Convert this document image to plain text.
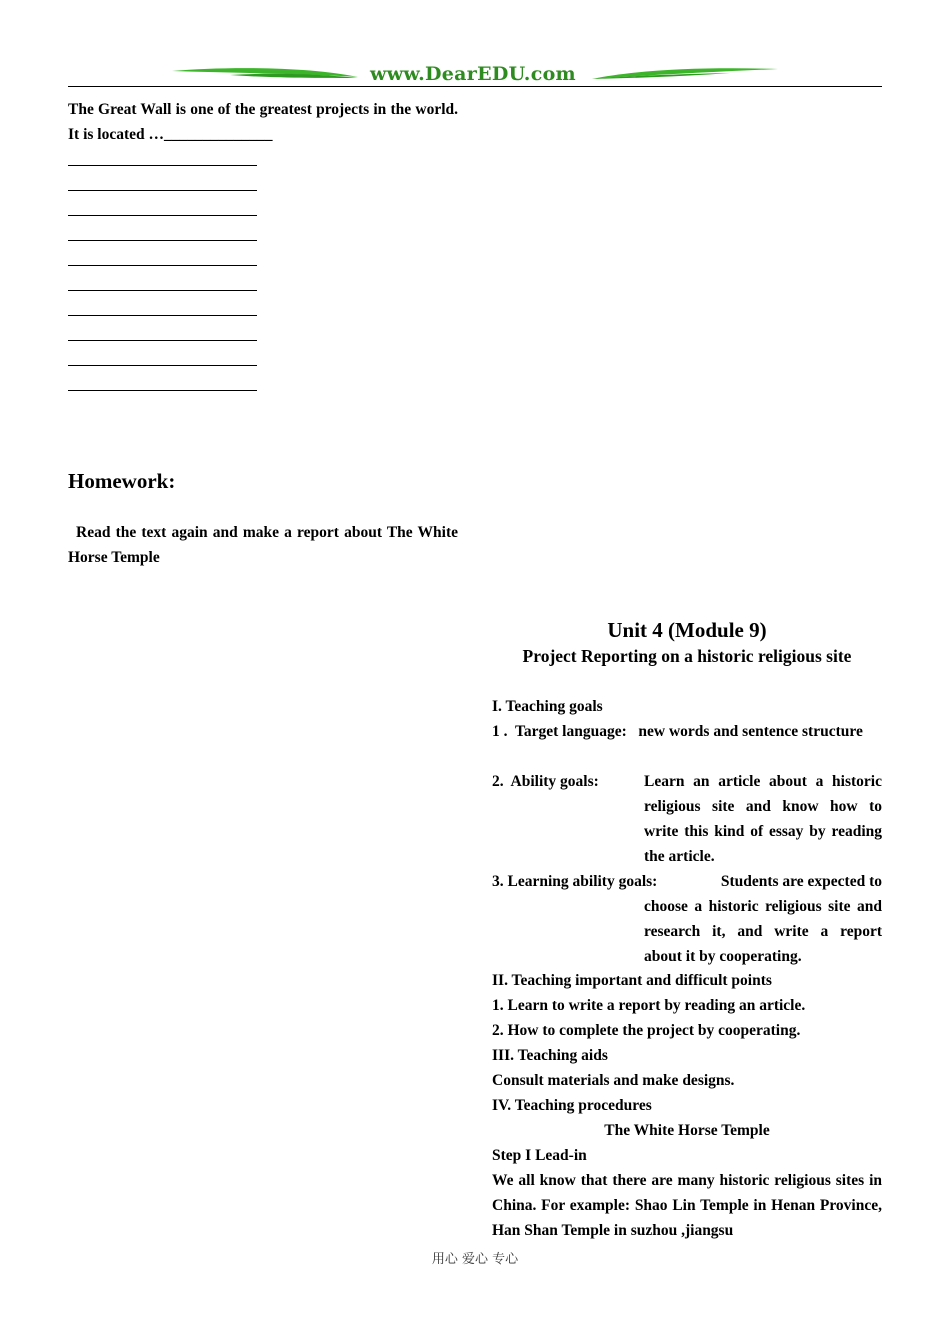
www.DearEDU.com
The Great Wall is one of the greatest projects in the world. It is located …______________
Homework:
Read the text again and make a report about The White Horse Temple
Unit 4 (Module 9)
Project Reporting on a historic religious site
I. Teaching goals
1 .  Target language:   new words and sentence structure
2.  Ability goals:	Learn an article about a historic religious site and know how to write this kind of essay by reading the article.
3. Learning ability goals:	Students are expected to
choose a historic religious site and research it, and write a report about it by cooperating.
II. Teaching important and difficult points
1. Learn to write a report by reading an article.
2. How to complete the project by cooperating.
III. Teaching aids
Consult materials and make designs.
IV. Teaching procedures
The White Horse Temple
Step I Lead-in
We all know that there are many historic religious sites in China. For example: Shao Lin Temple in Henan Province, Han Shan Temple in suzhou ,jiangsu
用心 爱心 专心
